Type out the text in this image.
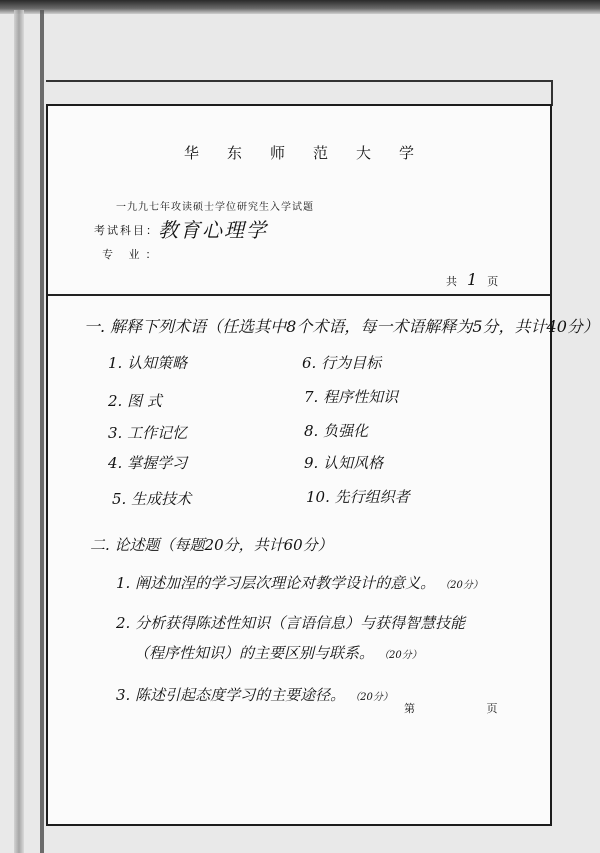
华东师范大学
一九九七年攻读硕士学位研究生入学试题
考试科目： 教育心理学
专 业：
共 1 页
一. 解释下列术语（任选其中8个术语，每一术语解释为5分，共计40分）
1. 认知策略
2. 图 式
3. 工作记忆
4. 掌握学习
5. 生成技术
6. 行为目标
7. 程序性知识
8. 负强化
9. 认知风格
10. 先行组织者
二. 论述题（每题20分，共计60分）
1. 阐述加涅的学习层次理论对教学设计的意义。 （20分）
2. 分析获得陈述性知识（言语信息）与获得智慧技能
（程序性知识）的主要区别与联系。 （20分）
3. 陈述引起态度学习的主要途径。 （20分）
第 页
